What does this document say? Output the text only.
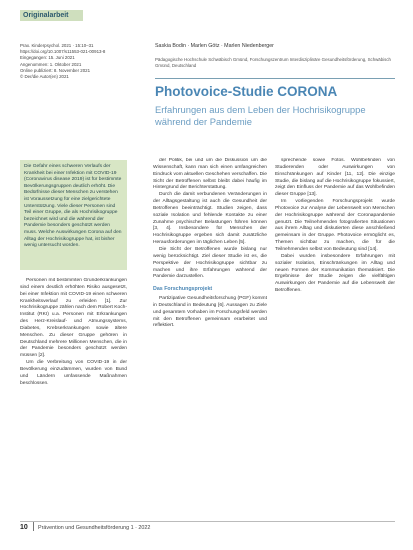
Originalarbeit
Prax. Kinderpsychol. 2021 · 15:10–31
https://doi.org/10.1007/s11553-021-00913-8
Eingegangen: 15. Juni 2021
Angenommen: 1. Oktober 2021
Online publiziert: 8. November 2021
© Der/die Autor(en) 2021
Saskia Bodin · Marlen Götz · Marlen Niedenberger
Pädagogische Hochschule Schwäbisch Gmünd, Forschungszentrum Interdisziplinäre Gesundheitsförderung, Schwäbisch Gmünd, Deutschland
Photovoice-Studie CORONA
Erfahrungen aus dem Leben der Hochrisikogruppe während der Pandemie
Die Gefahr eines schweren Verlaufs der Krankheit bei einer Infektion mit COVID-19 (Coronavirus disease 2019) ist für bestimmte Bevölkerungsgruppen deutlich erhöht. Die Bedürfnisse dieser Menschen zu verstehen ist Voraussetzung für eine zielgerichtete Unterstützung. Viele dieser Personen sind Teil einer Gruppe, die als Hochrisikogruppe bezeichnet wird und die während der Pandemie besonders geschützt werden muss. Welche Auswirkungen Corona auf den Alltag der Hochrisikogruppe hat, ist bisher wenig untersucht worden.

Personen mit bestimmten Grunderkrankungen sind einem deutlich erhöhten Risiko ausgesetzt, bei einer Infektion mit COVID-19 einen schweren Krankheitsverlauf zu erleiden [1]. Zur Hochrisikogruppe zählen nach dem Robert Koch-Institut (RKI) u.a. Personen mit Erkrankungen des Herz-Kreislauf- und Atmungssystems, Diabetes, Krebserkrankungen sowie ältere Menschen. Zu dieser Gruppe gehören in Deutschland mehrere Millionen Menschen, die in der Pandemie besonders geschützt werden müssen [2].

Um die Verbreitung von COVID-19 in der Bevölkerung einzudämmen, wurden von Bund und Ländern umfassende Maßnahmen beschlossen.

der Politik, bei und um die Diskussion um die Wissenschaft, kann man sich einen umfangreichen Eindruck vom aktuellen Geschehen verschaffen. Die Sicht der Betroffenen selbst bleibt dabei häufig im Hintergrund der Berichterstattung.

Durch die damit verbundenen Veränderungen in der Alltagsgestaltung ist auch die Gesundheit der Betroffenen beeinträchtigt. Studien zeigen, dass soziale Isolation und fehlende Kontakte zu einer Zunahme psychischer Belastungen führen können [3, 4]. Insbesondere für Menschen der Hochrisikogruppe ergeben sich damit zusätzliche Herausforderungen im täglichen Leben [5].

Die Sicht der Betroffenen wurde bislang nur wenig berücksichtigt. Ziel dieser Studie ist es, die Perspektive der Hochrisikogruppe sichtbar zu machen und ihre Erfahrungen während der Pandemie darzustellen.

Das Forschungsprojekt

Partizipative Gesundheitsforschung (PGF) kommt in Deutschland in Bedeutung [6]. Aussagen zu Ziele und gesamtem Vorhaben im Forschungsfeld werden mit den Betroffenen gemeinsam erarbeitet und reflektiert.

sprechende sowie Fotos. Wohlbefinden von Studierenden oder Auswirkungen von Einschränkungen auf Kinder [11, 12]. Die einzige Studie, die bislang auf die Hochrisikogruppe fokussiert, zeigt den Einfluss der Pandemie auf das Wohlbefinden dieser Gruppe [13].

Im vorliegenden Forschungsprojekt wurde Photovoice zur Analyse der Lebenswelt von Menschen der Hochrisikogruppe während der Coronapandemie genutzt. Die Teilnehmenden fotografierten Situationen aus ihrem Alltag und diskutierten diese anschließend gemeinsam in der Gruppe. Photovoice ermöglicht es, Themen sichtbar zu machen, die für die Teilnehmenden selbst von Bedeutung sind [14].

Dabei wurden insbesondere Erfahrungen mit sozialer Isolation, Einschränkungen im Alltag und neuen Formen der Kommunikation thematisiert. Die Ergebnisse der Studie zeigen die vielfältigen Auswirkungen der Pandemie auf die Lebenswelt der Betroffenen.

10 Prävention und Gesundheitsförderung 1 · 2022
